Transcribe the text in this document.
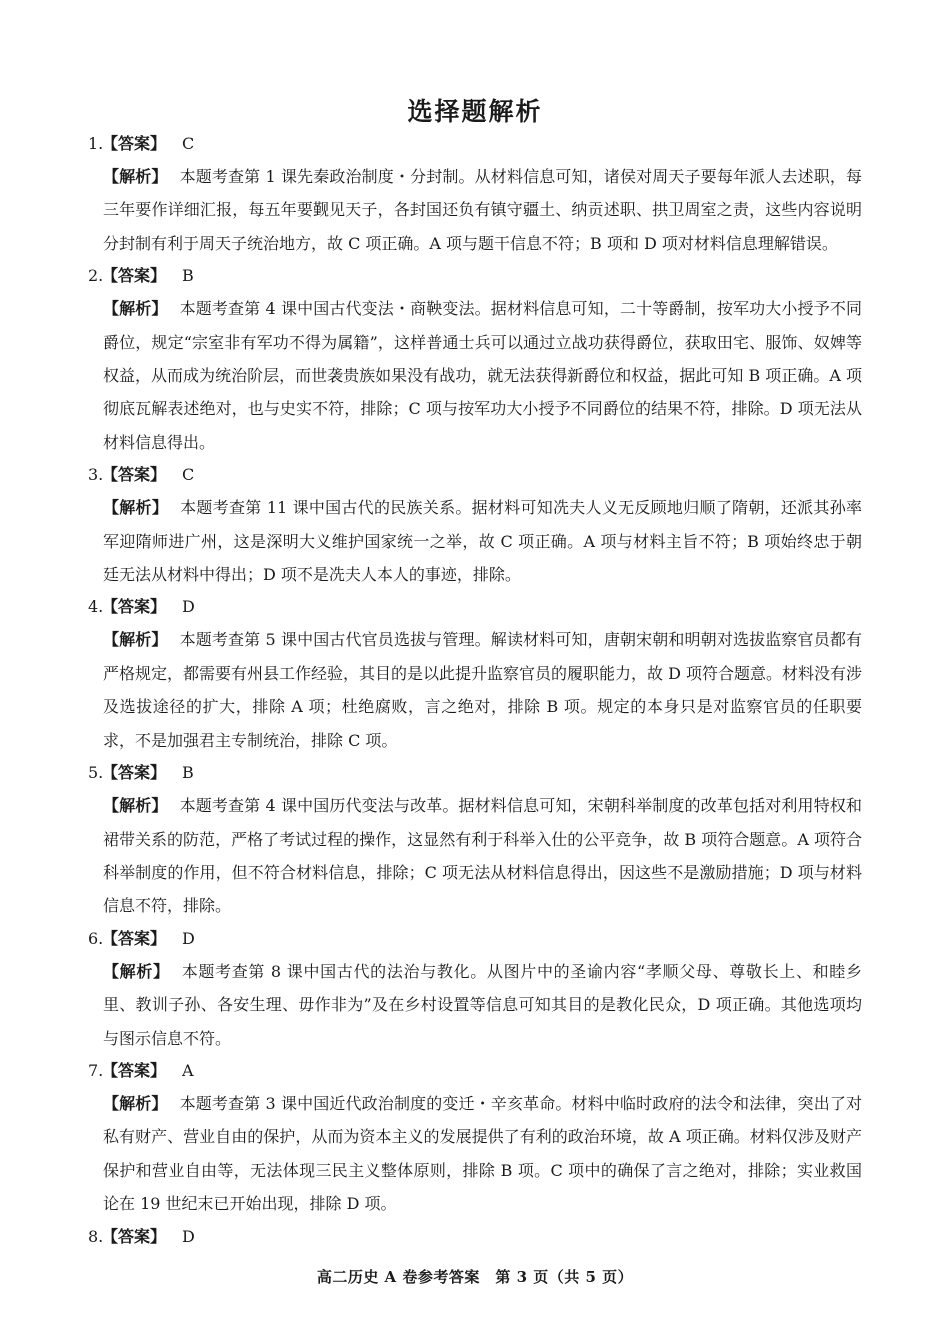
选择题解析
1.【答案】 C
【解析】 本题考查第 1 课先秦政治制度・分封制。从材料信息可知，诸侯对周天子要每年派人去述职，每三年要作详细汇报，每五年要觐见天子，各封国还负有镇守疆土、纳贡述职、拱卫周室之责，这些内容说明分封制有利于周天子统治地方，故 C 项正确。A 项与题干信息不符；B 项和 D 项对材料信息理解错误。
2.【答案】 B
【解析】 本题考查第 4 课中国古代变法・商鞅变法。据材料信息可知，二十等爵制，按军功大小授予不同爵位，规定“宗室非有军功不得为属籍”，这样普通士兵可以通过立战功获得爵位，获取田宅、服饰、奴婢等权益，从而成为统治阶层，而世袭贵族如果没有战功，就无法获得新爵位和权益，据此可知 B 项正确。A 项彻底瓦解表述绝对，也与史实不符，排除；C 项与按军功大小授予不同爵位的结果不符，排除。D 项无法从材料信息得出。
3.【答案】 C
【解析】 本题考查第 11 课中国古代的民族关系。据材料可知冼夫人义无反顾地归顺了隋朝，还派其孙率军迎隋师进广州，这是深明大义维护国家统一之举，故 C 项正确。A 项与材料主旨不符；B 项始终忠于朝廷无法从材料中得出；D 项不是冼夫人本人的事迹，排除。
4.【答案】 D
【解析】 本题考查第 5 课中国古代官员选拔与管理。解读材料可知，唐朝宋朝和明朝对选拔监察官员都有严格规定，都需要有州县工作经验，其目的是以此提升监察官员的履职能力，故 D 项符合题意。材料没有涉及选拔途径的扩大，排除 A 项；杜绝腐败，言之绝对，排除 B 项。规定的本身只是对监察官员的任职要求，不是加强君主专制统治，排除 C 项。
5.【答案】 B
【解析】 本题考查第 4 课中国历代变法与改革。据材料信息可知，宋朝科举制度的改革包括对利用特权和裙带关系的防范，严格了考试过程的操作，这显然有利于科举入仕的公平竞争，故 B 项符合题意。A 项符合科举制度的作用，但不符合材料信息，排除；C 项无法从材料信息得出，因这些不是激励措施；D 项与材料信息不符，排除。
6.【答案】 D
【解析】 本题考查第 8 课中国古代的法治与教化。从图片中的圣谕内容“孝顺父母、尊敬长上、和睦乡里、教训子孙、各安生理、毋作非为”及在乡村设置等信息可知其目的是教化民众，D 项正确。其他选项均与图示信息不符。
7.【答案】 A
【解析】 本题考查第 3 课中国近代政治制度的变迁・辛亥革命。材料中临时政府的法令和法律，突出了对私有财产、营业自由的保护，从而为资本主义的发展提供了有利的政治环境，故 A 项正确。材料仅涉及财产保护和营业自由等，无法体现三民主义整体原则，排除 B 项。C 项中的确保了言之绝对，排除；实业救国论在 19 世纪末已开始出现，排除 D 项。
8.【答案】 D
高二历史 A 卷参考答案　第 3 页（共 5 页）
